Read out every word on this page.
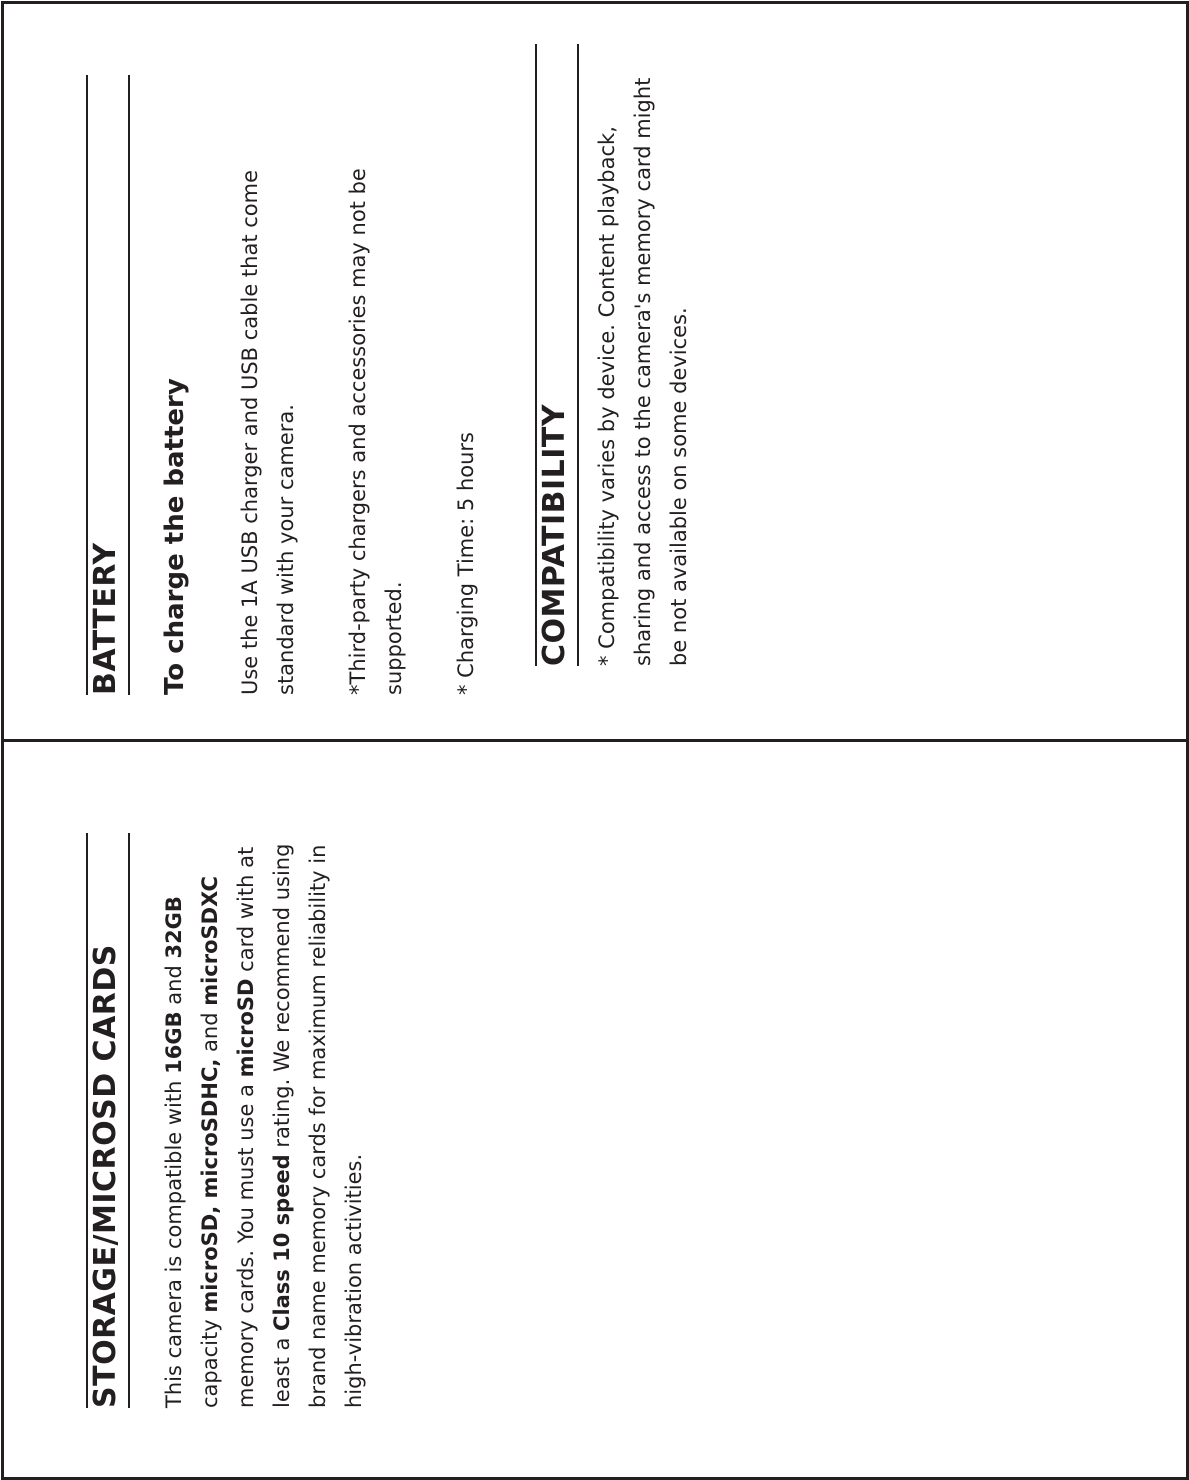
BATTERY To charge the battery Use the 1A USB charger and USB cable that come standard with your camera. *Third-party chargers and accessories may not be supported. * Charging Time: 5 hours COMPATIBILITY * Compatibility varies by device. Content playback, sharing and access to the camera's memory card might be not available on some devices.

STORAGE/MICROSD CARDS This camera is compatible with 16GB and 32GB capacity microSD, microSDHC, and microSDXC memory cards. You must use a microSD card with at least a Class 10 speed rating. We recommend using brand name memory cards for maximum reliability in high-vibration activities.
